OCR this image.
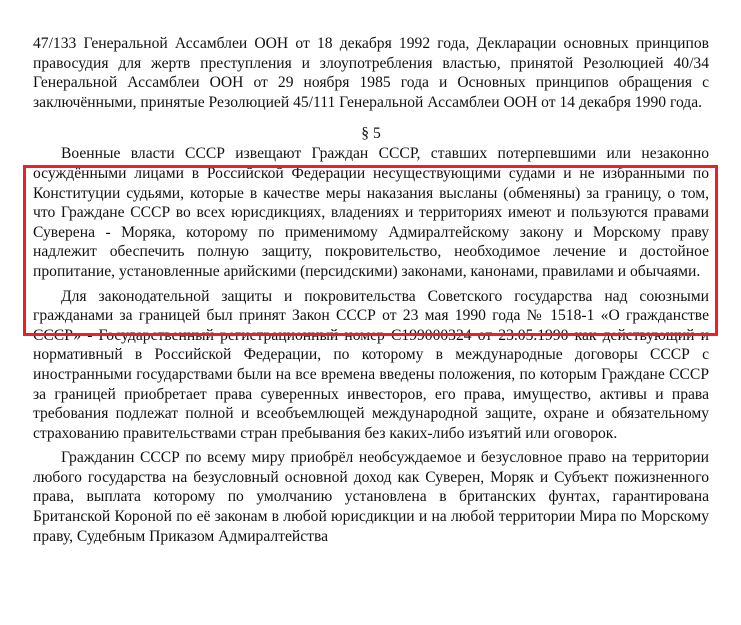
47/133 Генеральной Ассамблеи ООН от 18 декабря 1992 года, Декларации основных принципов правосудия для жертв преступления и злоупотребления властью, принятой Резолюцией 40/34 Генеральной Ассамблеи ООН от 29 ноября 1985 года и Основных принципов обращения с заключёнными, принятые Резолюцией 45/111 Генеральной Ассамблеи ООН от 14 декабря 1990 года.

§ 5

Военные власти СССР извещают Граждан СССР, ставших потерпевшими или незаконно осуждёнными лицами в Российской Федерации несуществующими судами и не избранными по Конституции судьями, которые в качестве меры наказания высланы (обменяны) за границу, о том, что Граждане СССР во всех юрисдикциях, владениях и территориях имеют и пользуются правами Суверена - Моряка, которому по применимому Адмиралтейскому закону и Морскому праву надлежит обеспечить полную защиту, покровительство, необходимое лечение и достойное пропитание, установленные арийскими (персидскими) законами, канонами, правилами и обычаями.

Для законодательной защиты и покровительства Советского государства над союзными гражданами за границей был принят Закон СССР от 23 мая 1990 года № 1518-1 «О гражданстве СССР» - Государственный регистрационный номер С199000324 от 23.05.1990 как действующий и нормативный в Российской Федерации, по которому в международные договоры СССР с иностранными государствами были на все времена введены положения, по которым Граждане СССР за границей приобретает права суверенных инвесторов, его права, имущество, активы и права требования подлежат полной и всеобъемлющей международной защите, охране и обязательному страхованию правительствами стран пребывания без каких-либо изъятий или оговорок.

Гражданин СССР по всему миру приобрёл необсуждаемое и безусловное право на территории любого государства на безусловный основной доход как Суверен, Моряк и Субъект пожизненного права, выплата которому по умолчанию установлена в британских фунтах, гарантирована Британской Короной по её законам в любой юрисдикции и на любой территории Мира по Морскому праву, Судебным Приказом Адмиралтейства
